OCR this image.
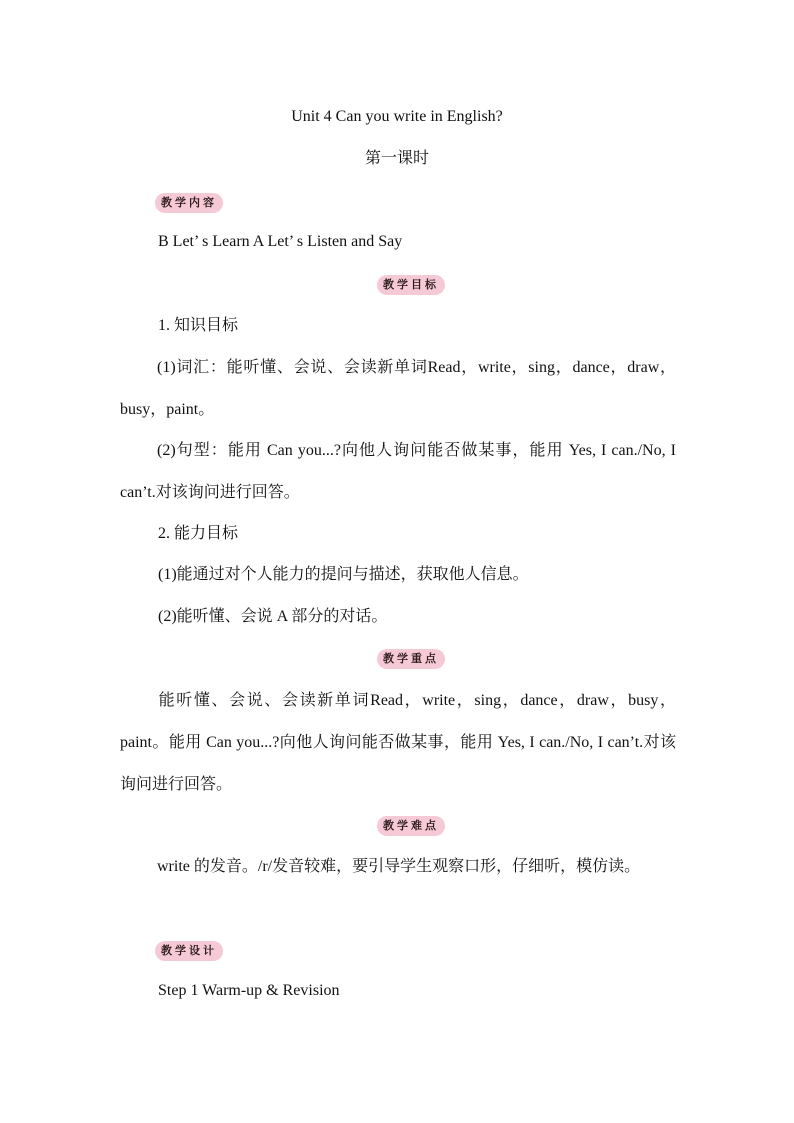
Unit 4 Can you write in English?
第一课时
教学内容
B Let’ s Learn A Let’ s Listen and Say
教学目标
1. 知识目标
(1)词汇：能听懂、会说、会读新单词Read，write，sing，dance，draw，busy，paint。
(2)句型：能用 Can you...?向他人询问能否做某事，能用 Yes, I can./No, I can’t.对该询问进行回答。
2. 能力目标
(1)能通过对个人能力的提问与描述，获取他人信息。
(2)能听懂、会说 A 部分的对话。
教学重点
能听懂、会说、会读新单词Read，write，sing，dance，draw，busy，paint。能用 Can you...?向他人询问能否做某事，能用 Yes, I can./No, I can’t.对该询问进行回答。
教学难点
write 的发音。/r/发音较难，要引导学生观察口形，仔细听，模仿读。
教学设计
Step 1 Warm-up & Revision
